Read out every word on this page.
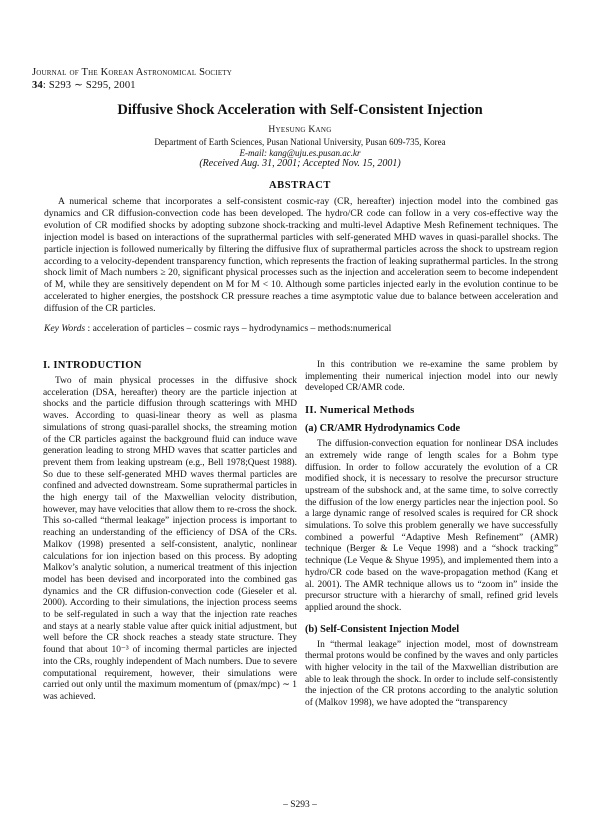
Journal of The Korean Astronomical Society
34: S293 ∼ S295, 2001
Diffusive Shock Acceleration with Self-Consistent Injection
Hyesung Kang
Department of Earth Sciences, Pusan National University, Pusan 609-735, Korea
E-mail: kang@uju.es.pusan.ac.kr
(Received Aug. 31, 2001; Accepted Nov. 15, 2001)
ABSTRACT

A numerical scheme that incorporates a self-consistent cosmic-ray (CR, hereafter) injection model into the combined gas dynamics and CR diffusion-convection code has been developed. The hydro/CR code can follow in a very cos-effective way the evolution of CR modified shocks by adopting subzone shock-tracking and multi-level Adaptive Mesh Refinement techniques. The injection model is based on interactions of the suprathermal particles with self-generated MHD waves in quasi-parallel shocks. The particle injection is followed numerically by filtering the diffusive flux of suprathermal particles across the shock to upstream region according to a velocity-dependent transparency function, which represents the fraction of leaking suprathermal particles. In the strong shock limit of Mach numbers ≥ 20, significant physical processes such as the injection and acceleration seem to become independent of M, while they are sensitively dependent on M for M < 10. Although some particles injected early in the evolution continue to be accelerated to higher energies, the postshock CR pressure reaches a time asymptotic value due to balance between acceleration and diffusion of the CR particles.

Key Words : acceleration of particles – cosmic rays – hydrodynamics – methods:numerical

I. INTRODUCTION

Two of main physical processes in the diffusive shock acceleration (DSA, hereafter) theory are the particle injection at shocks and the particle diffusion through scatterings with MHD waves. According to quasi-linear theory as well as plasma simulations of strong quasi-parallel shocks, the streaming motion of the CR particles against the background fluid can induce wave generation leading to strong MHD waves that scatter particles and prevent them from leaking upstream (e.g., Bell 1978;Quest 1988). So due to these self-generated MHD waves thermal particles are confined and advected downstream. Some suprathermal particles in the high energy tail of the Maxwellian velocity distribution, however, may have velocities that allow them to re-cross the shock. This so-called “thermal leakage” injection process is important to reaching an understanding of the efficiency of DSA of the CRs. Malkov (1998) presented a self-consistent, analytic, nonlinear calculations for ion injection based on this process. By adopting Malkov’s analytic solution, a numerical treatment of this injection model has been devised and incorporated into the combined gas dynamics and the CR diffusion-convection code (Gieseler et al. 2000). According to their simulations, the injection process seems to be self-regulated in such a way that the injection rate reaches and stays at a nearly stable value after quick initial adjustment, but well before the CR shock reaches a steady state structure. They found that about 10⁻³ of incoming thermal particles are injected into the CRs, roughly independent of Mach numbers. Due to severe computational requirement, however, their simulations were carried out only until the maximum momentum of (pmax/mpc) ∼ 1 was achieved.

In this contribution we re-examine the same problem by implementing their numerical injection model into our newly developed CR/AMR code.

II. Numerical Methods
(a) CR/AMR Hydrodynamics Code

The diffusion-convection equation for nonlinear DSA includes an extremely wide range of length scales for a Bohm type diffusion. In order to follow accurately the evolution of a CR modified shock, it is necessary to resolve the precursor structure upstream of the subshock and, at the same time, to solve correctly the diffusion of the low energy particles near the injection pool. So a large dynamic range of resolved scales is required for CR shock simulations. To solve this problem generally we have successfully combined a powerful “Adaptive Mesh Refinement” (AMR) technique (Berger & Le Veque 1998) and a “shock tracking” technique (Le Veque & Shyue 1995), and implemented them into a hydro/CR code based on the wave-propagation method (Kang et al. 2001). The AMR technique allows us to “zoom in” inside the precursor structure with a hierarchy of small, refined grid levels applied around the shock.

(b) Self-Consistent Injection Model

In “thermal leakage” injection model, most of downstream thermal protons would be confined by the waves and only particles with higher velocity in the tail of the Maxwellian distribution are able to leak through the shock. In order to include self-consistently the injection of the CR protons according to the analytic solution of (Malkov 1998), we have adopted the “transparency

– S293 –
